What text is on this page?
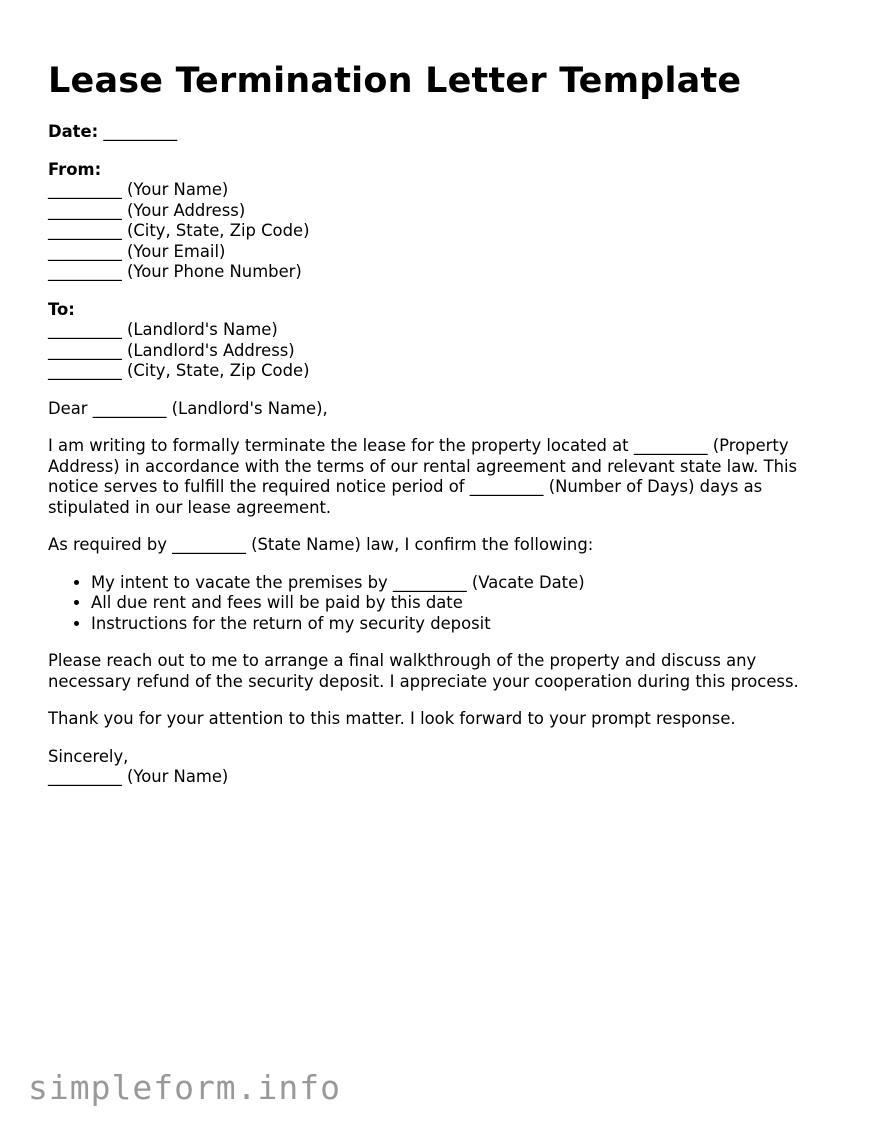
Lease Termination Letter Template
Date: _________
From:
_________ (Your Name)
_________ (Your Address)
_________ (City, State, Zip Code)
_________ (Your Email)
_________ (Your Phone Number)
To:
_________ (Landlord's Name)
_________ (Landlord's Address)
_________ (City, State, Zip Code)

Dear _________ (Landlord's Name),

I am writing to formally terminate the lease for the property located at _________ (Property Address) in accordance with the terms of our rental agreement and relevant state law. This notice serves to fulfill the required notice period of _________ (Number of Days) days as stipulated in our lease agreement.

As required by _________ (State Name) law, I confirm the following:

• My intent to vacate the premises by _________ (Vacate Date)
• All due rent and fees will be paid by this date
• Instructions for the return of my security deposit

Please reach out to me to arrange a final walkthrough of the property and discuss any necessary refund of the security deposit. I appreciate your cooperation during this process.

Thank you for your attention to this matter. I look forward to your prompt response.

Sincerely,
_________ (Your Name)
simpleform.info
